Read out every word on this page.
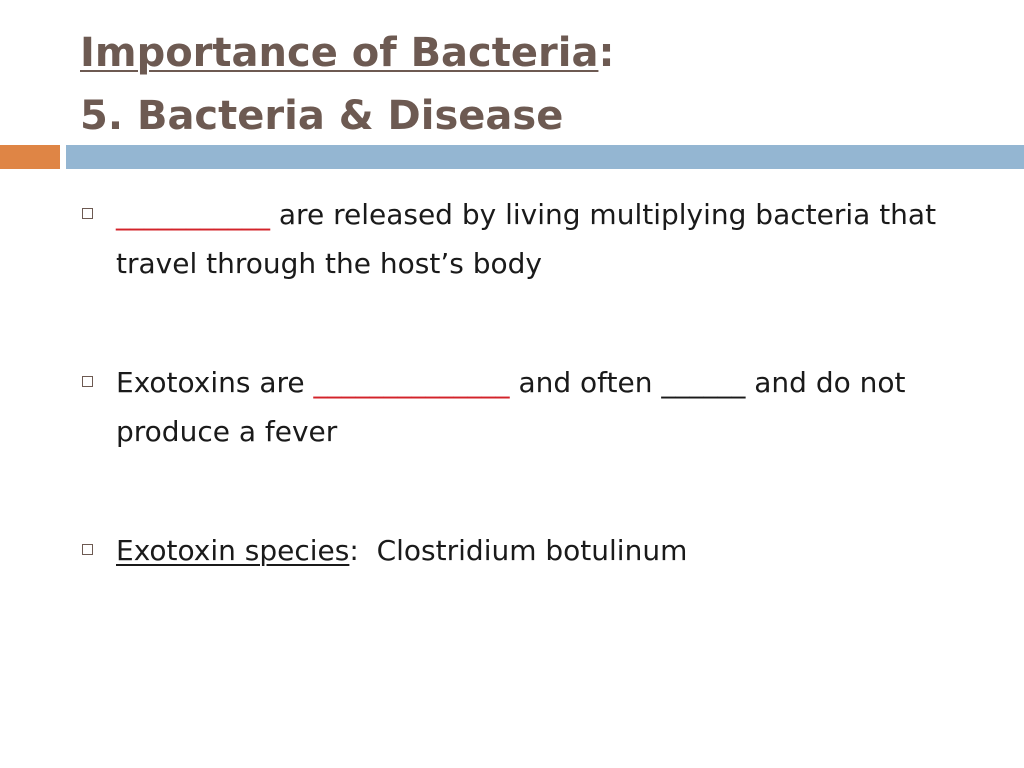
Importance of Bacteria:
5. Bacteria & Disease
___________ are released by living multiplying bacteria that travel through the host’s body
Exotoxins are ______________ and often ______ and do not produce a fever
Exotoxin species:  Clostridium botulinum
